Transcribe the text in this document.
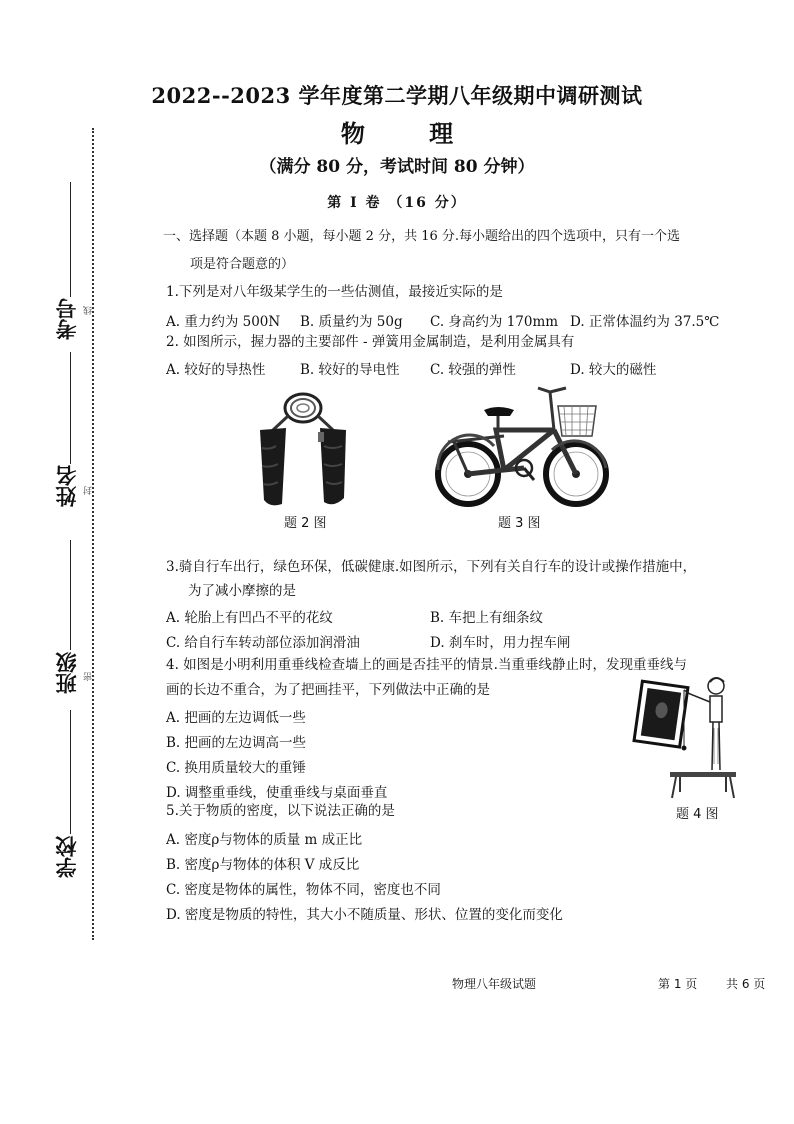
考号 线
姓名 封
班级 密
学校
2022--2023 学年度第二学期八年级期中调研测试
物 理
（满分 80 分，考试时间 80 分钟）
第 I 卷 （16 分）
一、选择题（本题 8 小题，每小题 2 分，共 16 分.每小题给出的四个选项中，只有一个选
项是符合题意的）
1.下列是对八年级某学生的一些估测值，最接近实际的是
A. 重力约为 500N B. 质量约为 50g C. 身高约为 170mm D. 正常体温约为 37.5℃
2. 如图所示，握力器的主要部件 - 弹簧用金属制造，是利用金属具有
A. 较好的导热性	B. 较好的导电性 C. 较强的弹性	D. 较大的磁性
题 2 图	题 3 图
3.骑自行车出行，绿色环保，低碳健康.如图所示，下列有关自行车的设计或操作措施中，
为了减小摩擦的是
A. 轮胎上有凹凸不平的花纹	B. 车把上有细条纹
C. 给自行车转动部位添加润滑油	D. 刹车时，用力捏车闸
4. 如图是小明利用重垂线检查墙上的画是否挂平的情景.当重垂线静止时，发现重垂线与
画的长边不重合，为了把画挂平，下列做法中正确的是
A. 把画的左边调低一些
B. 把画的左边调高一些
C. 换用质量较大的重锤
D. 调整重垂线，使重垂线与桌面垂直
题 4 图
5.关于物质的密度，以下说法正确的是
A. 密度ρ与物体的质量 m 成正比
B. 密度ρ与物体的体积 V 成反比
C. 密度是物体的属性，物体不同，密度也不同
D. 密度是物质的特性，其大小不随质量、形状、位置的变化而变化
物理八年级试题	第 1 页 共 6 页
